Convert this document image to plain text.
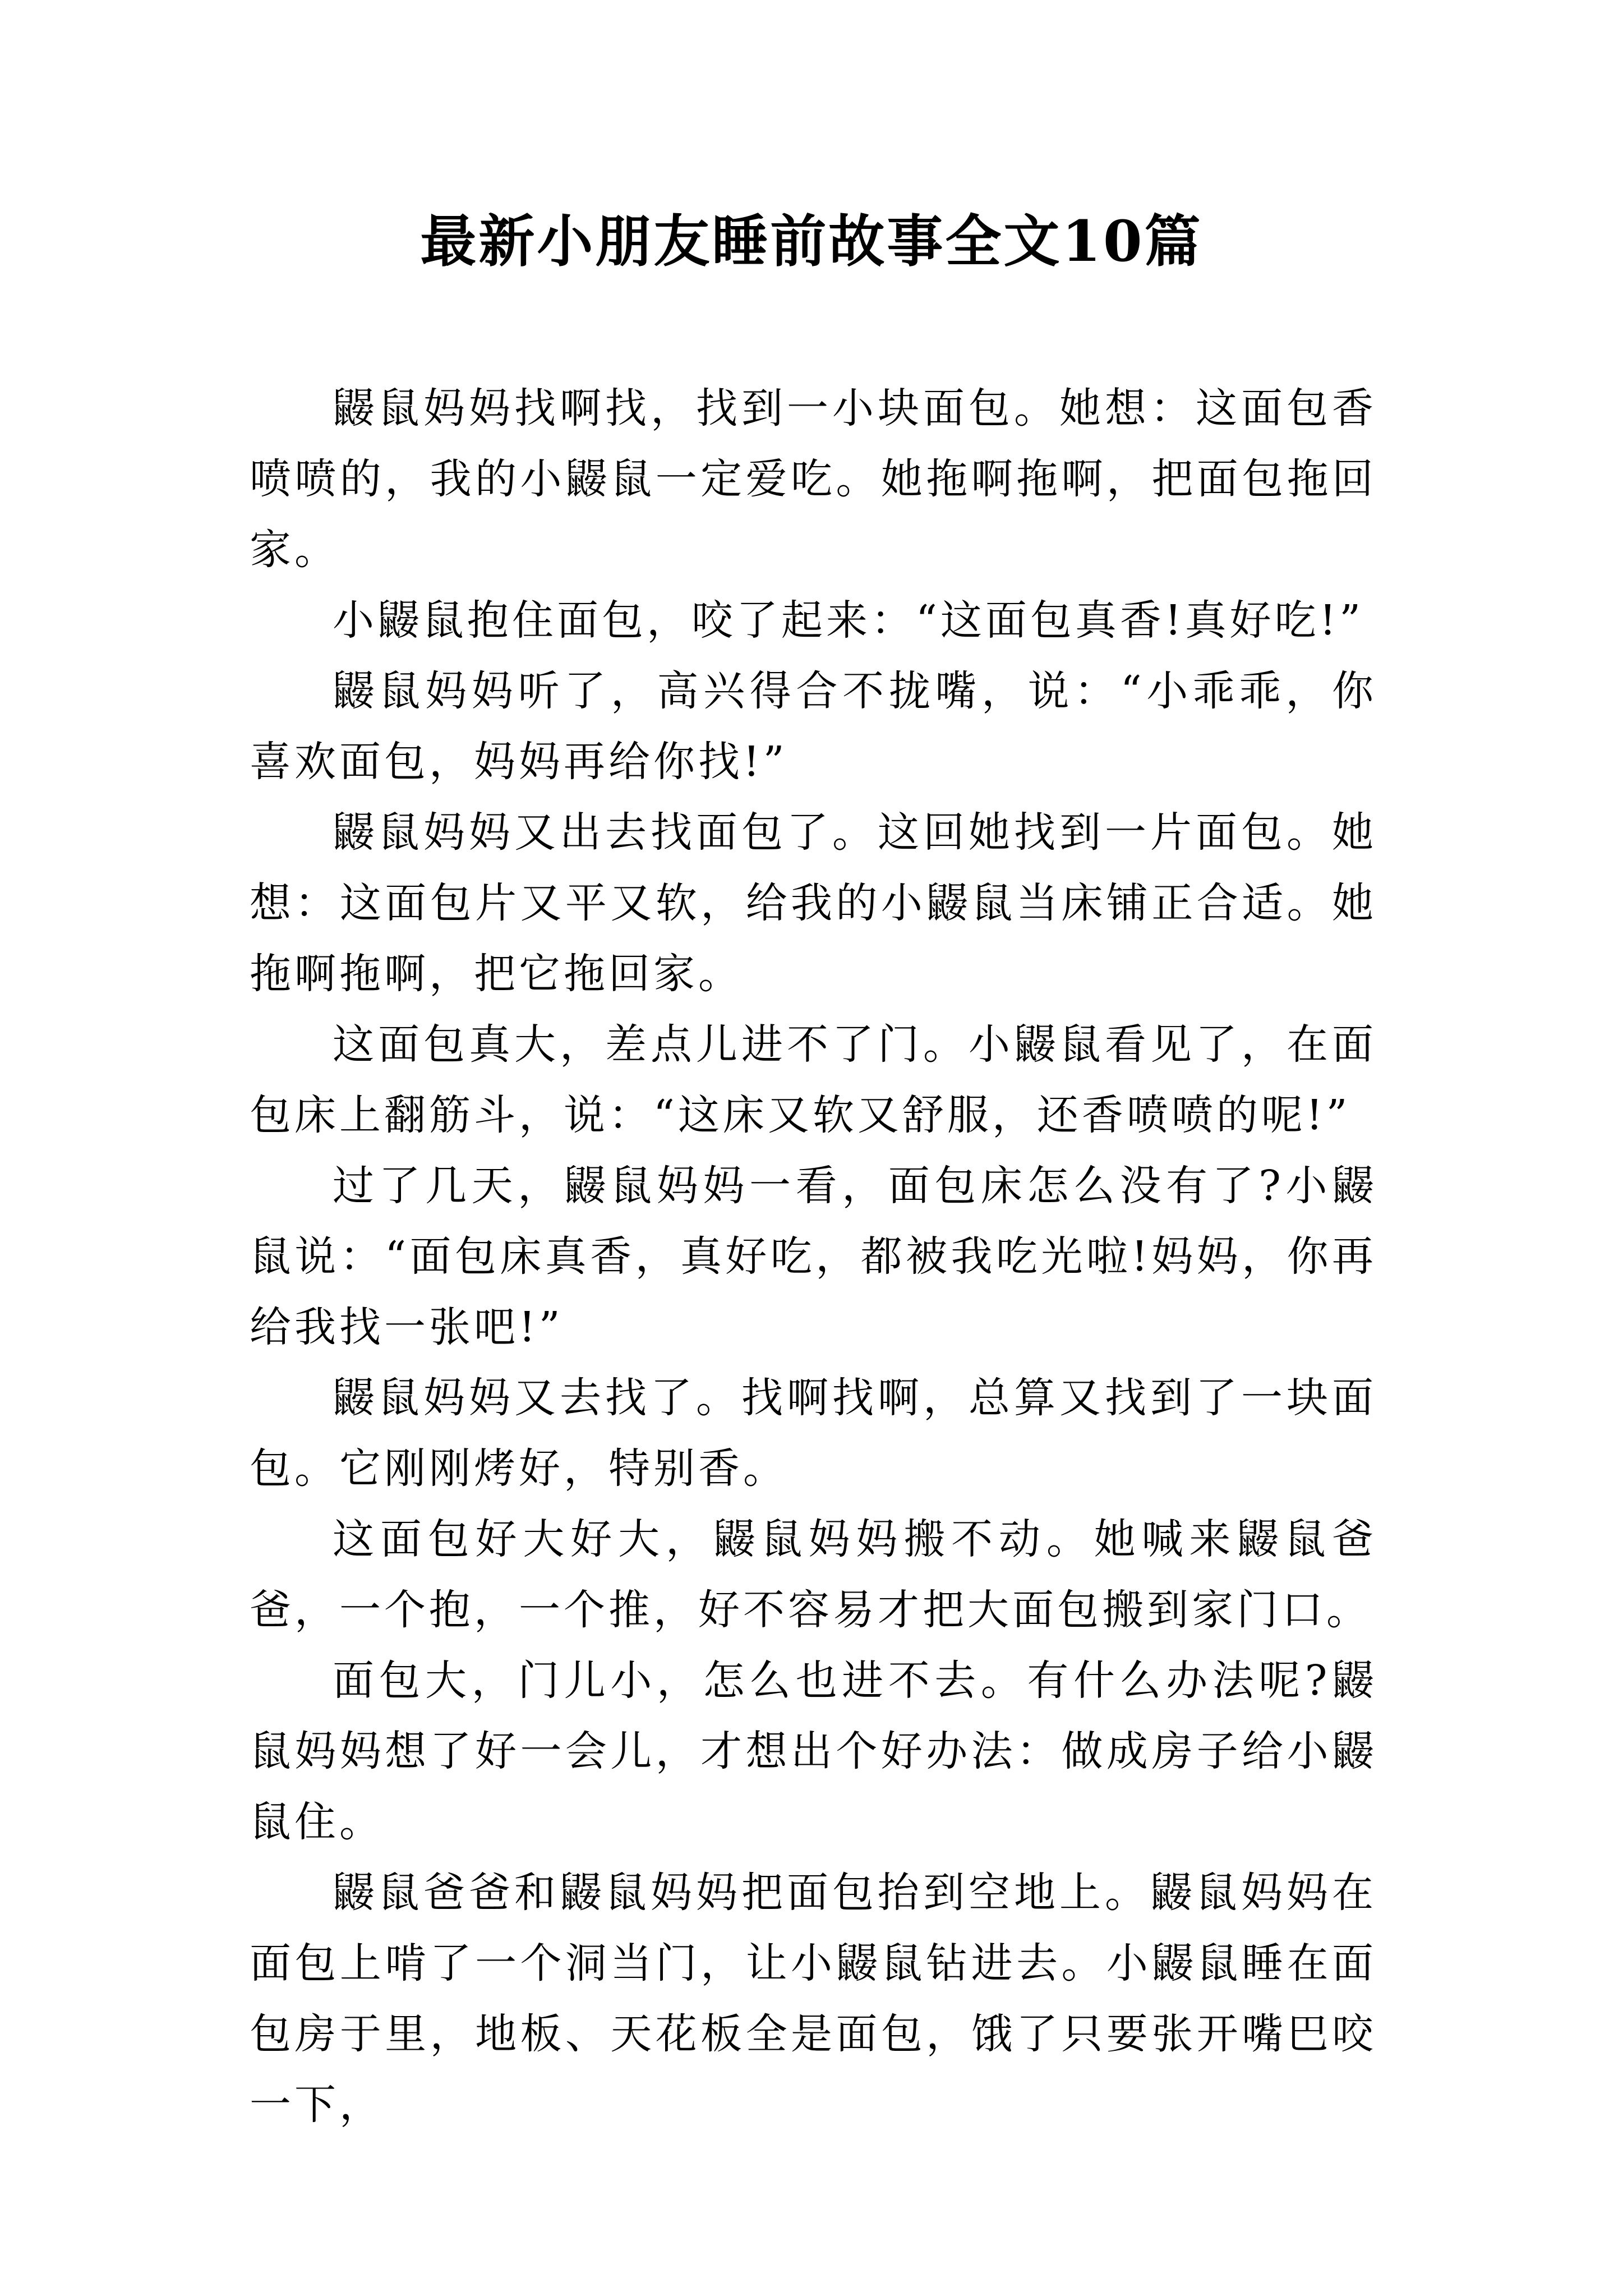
最新小朋友睡前故事全文10篇

鼹鼠妈妈找啊找，找到一小块面包。她想：这面包香喷喷的，我的小鼹鼠一定爱吃。她拖啊拖啊，把面包拖回家。

小鼹鼠抱住面包，咬了起来：“这面包真香!真好吃!”

鼹鼠妈妈听了，高兴得合不拢嘴，说：“小乖乖，你喜欢面包，妈妈再给你找!”

鼹鼠妈妈又出去找面包了。这回她找到一片面包。她想：这面包片又平又软，给我的小鼹鼠当床铺正合适。她拖啊拖啊，把它拖回家。

这面包真大，差点儿进不了门。小鼹鼠看见了，在面包床上翻筋斗，说：“这床又软又舒服，还香喷喷的呢!”

过了几天，鼹鼠妈妈一看，面包床怎么没有了?小鼹鼠说：“面包床真香，真好吃，都被我吃光啦!妈妈，你再给我找一张吧!”

鼹鼠妈妈又去找了。找啊找啊，总算又找到了一块面包。它刚刚烤好，特别香。

这面包好大好大，鼹鼠妈妈搬不动。她喊来鼹鼠爸爸，一个抱，一个推，好不容易才把大面包搬到家门口。

面包大，门儿小，怎么也进不去。有什么办法呢?鼹鼠妈妈想了好一会儿，才想出个好办法：做成房子给小鼹鼠住。

鼹鼠爸爸和鼹鼠妈妈把面包抬到空地上。鼹鼠妈妈在面包上啃了一个洞当门，让小鼹鼠钻进去。小鼹鼠睡在面包房于里，地板、天花板全是面包，饿了只要张开嘴巴咬一下，
